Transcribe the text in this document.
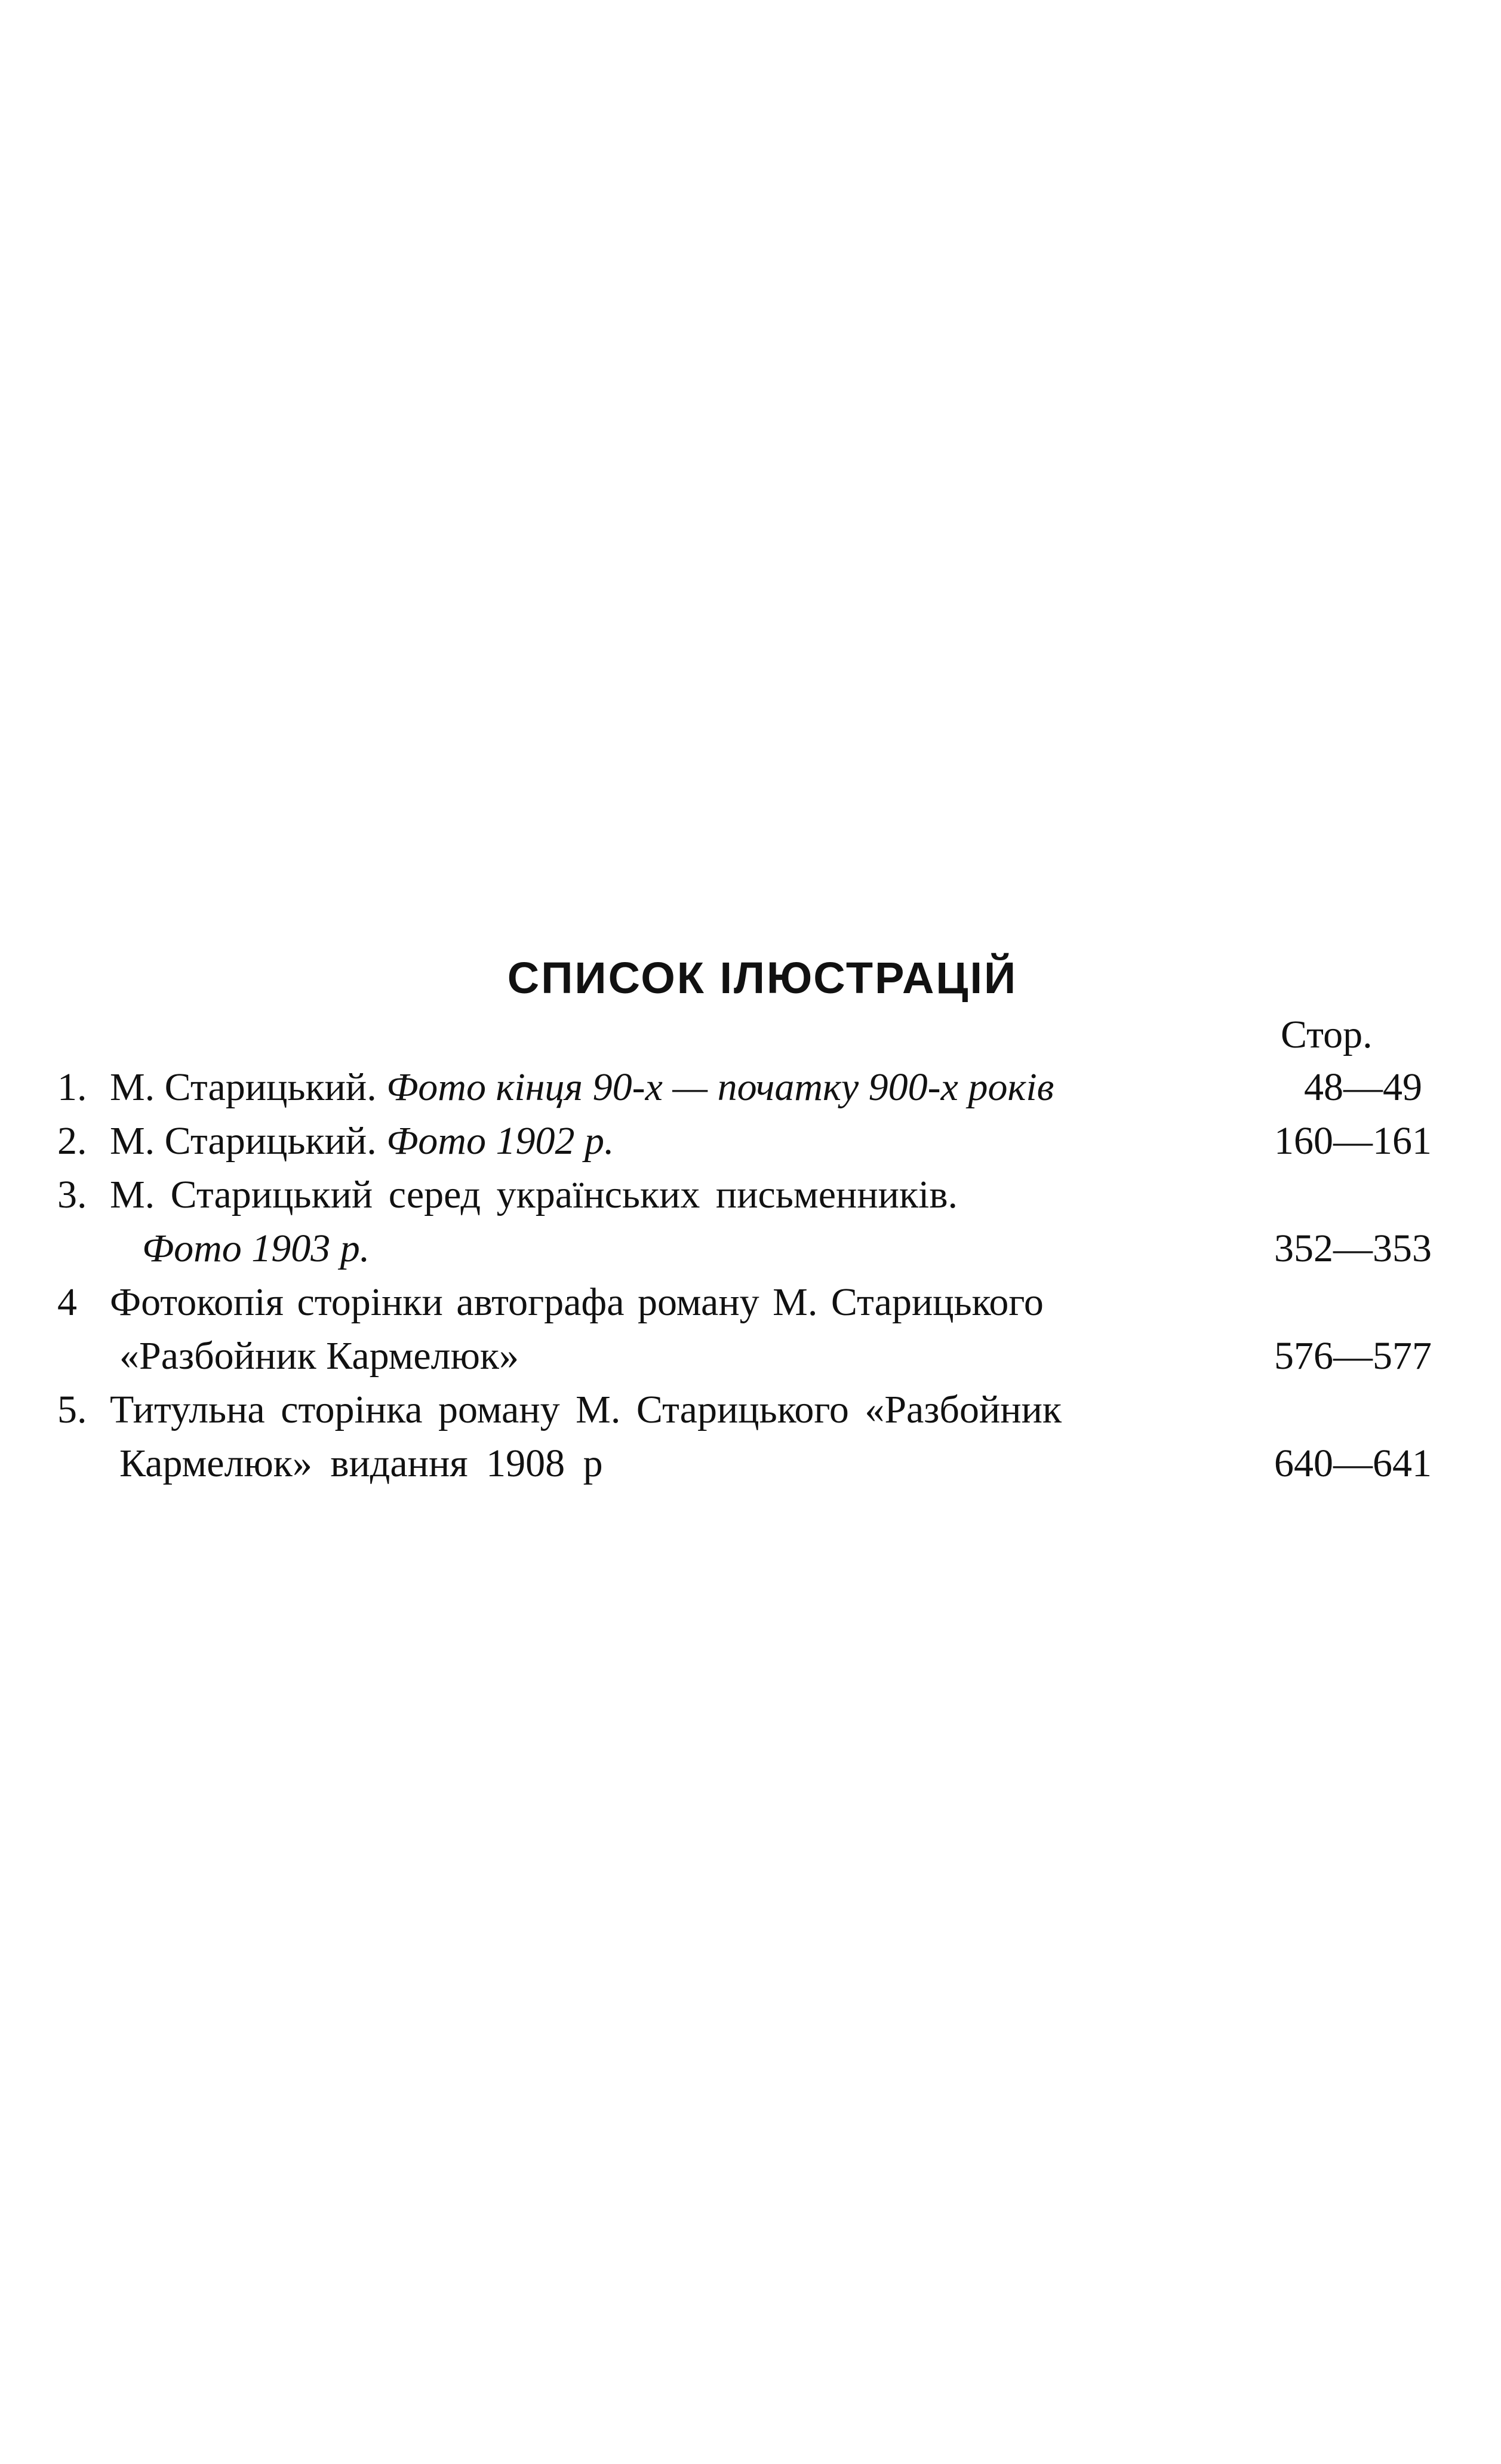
СПИСОК ІЛЮСТРАЦІЙ
Стор.
1. М. Старицький. Фото кінця 90-х — початку 900-х років	48—49
2. М. Старицький. Фото 1902 р.	160—161
3. М. Старицький серед українських письменників.
Фото 1903 р.	352—353
4 Фотокопія сторінки автографа роману М. Старицького
«Разбойник Кармелюк»	576—577
5. Титульна сторінка роману М. Старицького «Разбойник
Кармелюк» видання 1908 р	640—641
